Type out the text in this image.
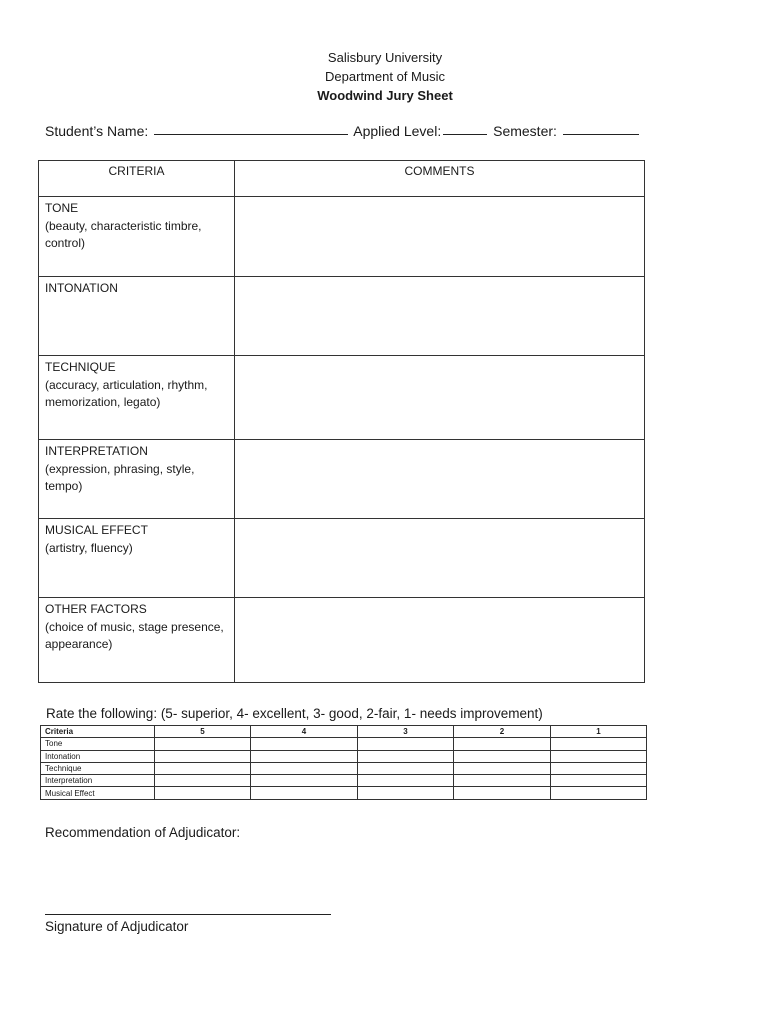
Salisbury University
Department of Music
Woodwind Jury Sheet
Student’s Name:	Applied Level:	Semester:
CRITERIA	COMMENTS

TONE
(beauty, characteristic timbre, control)	

INTONATION	

TECHNIQUE
(accuracy, articulation, rhythm, memorization, legato)	

INTERPRETATION
(expression, phrasing, style, tempo)	

MUSICAL EFFECT
(artistry, fluency)	

OTHER FACTORS
(choice of music, stage presence, appearance)	

Rate the following: (5- superior, 4- excellent, 3- good, 2-fair, 1- needs improvement)
Criteria	5	4	3	2	1
Tone					
Intonation					
Technique					
Interpretation					
Musical Effect					
Recommendation of Adjudicator:
Signature of Adjudicator
